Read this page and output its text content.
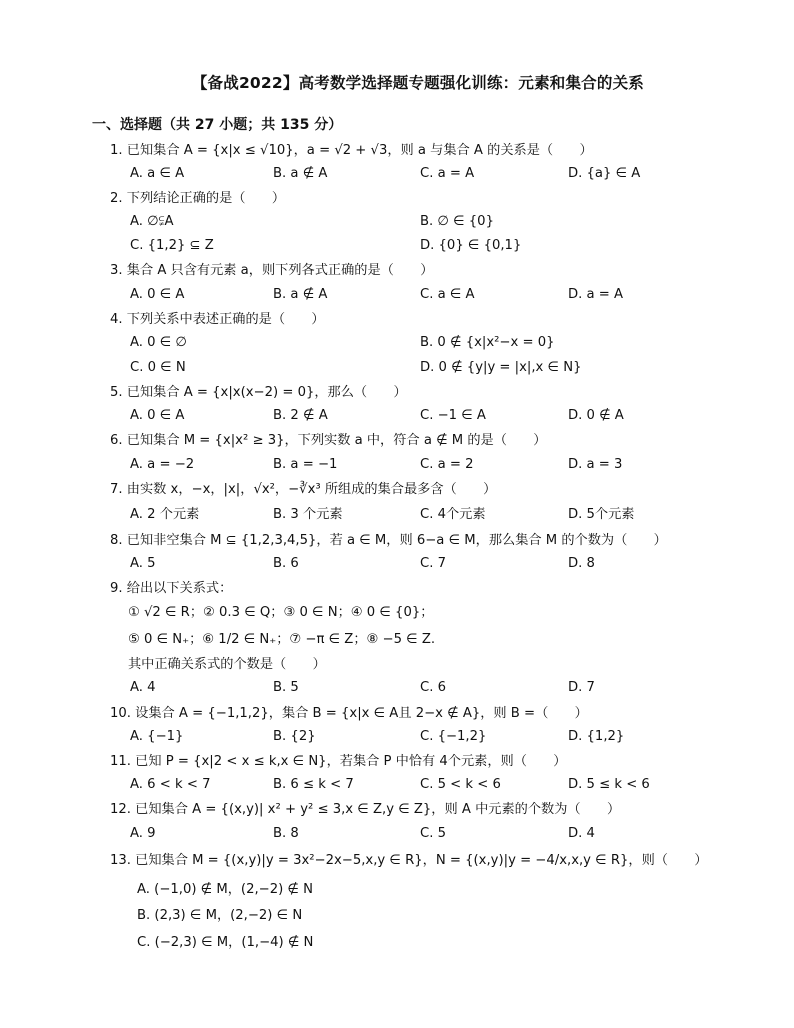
【备战2022】高考数学选择题专题强化训练：元素和集合的关系
一、选择题（共 27 小题；共 135 分）
1. 已知集合 A = {x|x ≤ √10}，a = √2 + √3，则 a 与集合 A 的关系是（　　）
A. a ∈ A	B. a ∉ A	C. a = A	D. {a} ∈ A
2. 下列结论正确的是（　　）
A. ∅⫋A	B. ∅ ∈ {0}
C. {1,2} ⊆ Z	D. {0} ∈ {0,1}
3. 集合 A 只含有元素 a，则下列各式正确的是（　　）
A. 0 ∈ A	B. a ∉ A	C. a ∈ A	D. a = A
4. 下列关系中表述正确的是（　　）
A. 0 ∈ ∅	B. 0 ∉ {x|x²−x = 0}
C. 0 ∈ N	D. 0 ∉ {y|y = |x|,x ∈ N}
5. 已知集合 A = {x|x(x−2) = 0}，那么（　　）
A. 0 ∈ A	B. 2 ∉ A	C. −1 ∈ A	D. 0 ∉ A
6. 已知集合 M = {x|x² ≥ 3}，下列实数 a 中，符合 a ∉ M 的是（　　）
A. a = −2	B. a = −1	C. a = 2	D. a = 3
7. 由实数 x，−x，|x|，√x²，−∛x³ 所组成的集合最多含（　　）
A. 2 个元素	B. 3 个元素	C. 4个元素	D. 5个元素
8. 已知非空集合 M ⊆ {1,2,3,4,5}，若 a ∈ M，则 6−a ∈ M，那么集合 M 的个数为（　　）
A. 5	B. 6	C. 7	D. 8
9. 给出以下关系式：
① √2 ∈ R；② 0.3 ∈ Q；③ 0 ∈ N；④ 0 ∈ {0}；
⑤ 0 ∈ N₊；⑥ 1/2 ∈ N₊；⑦ −π ∈ Z；⑧ −5 ∈ Z.
其中正确关系式的个数是（　　）
A. 4	B. 5	C. 6	D. 7
10. 设集合 A = {−1,1,2}，集合 B = {x|x ∈ A且 2−x ∉ A}，则 B =（　　）
A. {−1}	B. {2}	C. {−1,2}	D. {1,2}
11. 已知 P = {x|2 < x ≤ k,x ∈ N}，若集合 P 中恰有 4个元素，则（　　）
A. 6 < k < 7	B. 6 ≤ k < 7	C. 5 < k < 6	D. 5 ≤ k < 6
12. 已知集合 A = {(x,y)| x² + y² ≤ 3,x ∈ Z,y ∈ Z}，则 A 中元素的个数为（　　）
A. 9	B. 8	C. 5	D. 4
13. 已知集合 M = {(x,y)|y = 3x²−2x−5,x,y ∈ R}，N = {(x,y)|y = −4/x,x,y ∈ R}，则（　　）
A. (−1,0) ∉ M，(2,−2) ∉ N
B. (2,3) ∈ M，(2,−2) ∈ N
C. (−2,3) ∈ M，(1,−4) ∉ N
